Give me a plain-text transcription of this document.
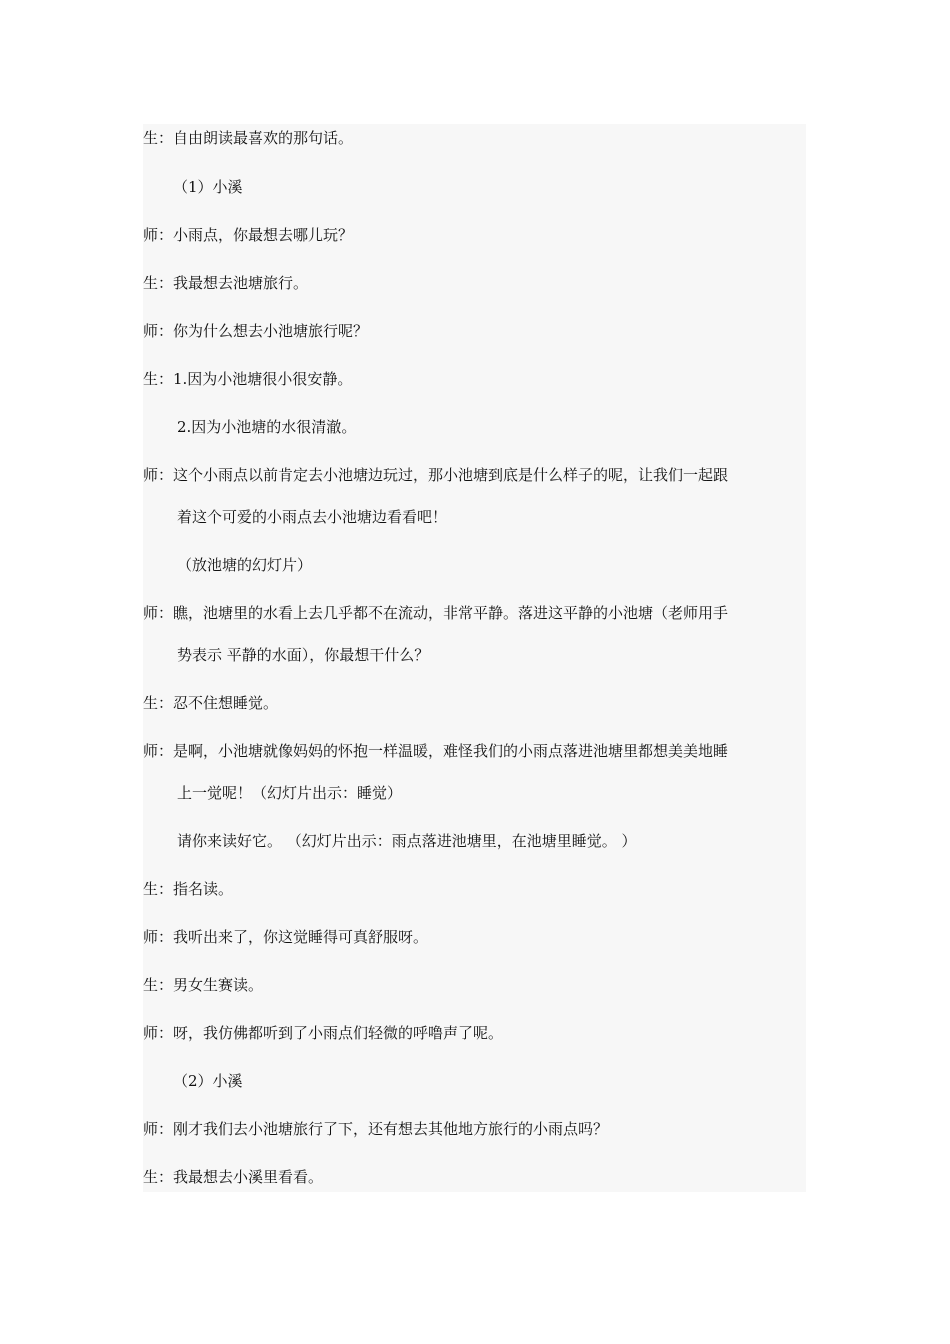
生：自由朗读最喜欢的那句话。
（1）小溪
师：小雨点，你最想去哪儿玩？
生：我最想去池塘旅行。
师：你为什么想去小池塘旅行呢？
生：1.因为小池塘很小很安静。
2.因为小池塘的水很清澈。
师：这个小雨点以前肯定去小池塘边玩过，那小池塘到底是什么样子的呢，让我们一起跟
着这个可爱的小雨点去小池塘边看看吧！
（放池塘的幻灯片）
师：瞧，池塘里的水看上去几乎都不在流动，非常平静。落进这平静的小池塘（老师用手
势表示 平静的水面），你最想干什么？
生：忍不住想睡觉。
师：是啊，小池塘就像妈妈的怀抱一样温暖，难怪我们的小雨点落进池塘里都想美美地睡
上一觉呢！（幻灯片出示：睡觉）
请你来读好它。 （幻灯片出示：雨点落进池塘里，在池塘里睡觉。 ）
生：指名读。
师：我听出来了，你这觉睡得可真舒服呀。
生：男女生赛读。
师：呀，我仿佛都听到了小雨点们轻微的呼噜声了呢。
（2）小溪
师：刚才我们去小池塘旅行了下，还有想去其他地方旅行的小雨点吗？
生：我最想去小溪里看看。
